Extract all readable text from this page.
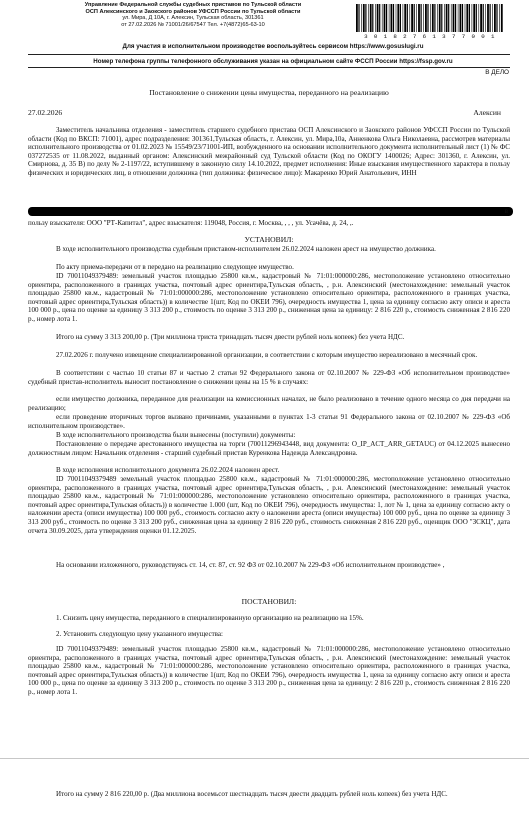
Управление Федеральной службы судебных приставов по Тульской области
ОСП Алексинского и Заокского районов УФССП России по Тульской области
ул. Мира, Д 10А, г. Алексин, Тульская область, 301361
от 27.02.2026 № 71001/26/67547 Тел. +7(4872)65-63-10
3 0 1 8 2 7 6 1 3 7 7 0 0 1
Для участия в исполнительном производстве воспользуйтесь сервисом https://www.gosuslugi.ru
Номер телефона группы телефонного обслуживания указан на официальном сайте ФССП России https://fssp.gov.ru
В ДЕЛО
Постановление о снижении цены имущества, переданного на реализацию
27.02.2026	Алексин
Заместитель начальника отделения - заместитель старшего судебного пристава ОСП Алексинского и Заокского районов УФССП России по Тульской области (Код по ВКСП: 71001), адрес подразделения: 301361,Тульская область, г. Алексин, ул. Мира,10а, Анненкова Ольга Николаевна, рассмотрев материалы исполнительного производства от 01.02.2023 № 15549/23/71001-ИП, возбужденного на основании исполнительного документа исполнительный лист (1) № ФС 037272535 от 11.08.2022, выданный органом: Алексинский межрайонный суд Тульской области (Код по ОКОГУ 1400026; Адрес: 301360, г. Алексин, ул. Смирнова, д. 35 В) по делу № 2-1197/22, вступившему в законную силу 14.10.2022, предмет исполнения: Иные взыскания имущественного характера в пользу физических и юридических лиц, в отношении должника (тип должника: физическое лицо): Макаренко Юрий Анатольевич, ИНН
в
пользу взыскателя: ООО "РТ-Капитал", адрес взыскателя: 119048, Россия, г. Москва, , , , ул. Усачёва, д. 24, ,.
УСТАНОВИЛ:
В ходе исполнительного производства судебным приставом-исполнителем 26.02.2024 наложен арест на имущество должника.
По акту приема-передачи от в передано на реализацию следующее имущество.
ID 70011049379489: земельный участок площадью 25800 кв.м., кадастровый № 71:01:000000:286, местоположение установлено относительно ориентира, расположенного в границах участка, почтовый адрес ориентира,Тульская область, , р.н. Алексинский (местонахождение: земельный участок площадью 25800 кв.м., кадастровый № 71:01:000000:286, местоположение установлено относительно ориентира, расположенного в границах участка, почтовый адрес ориентира,Тульская область)) в количестве 1(шт, Код по ОКЕИ 796), очередность имущества 1, цена за единицу согласно акту описи и ареста 100 000 р., цена по оценке за единицу 3 313 200 р., стоимость по оценке 3 313 200 р., сниженная цена за единицу: 2 816 220 р., стоимость сниженная 2 816 220 р., номер лота 1.
Итого на сумму 3 313 200,00 р. (Три миллиона триста тринадцать тысяч двести рублей ноль копеек) без учета НДС.
27.02.2026 г. получено извещение специализированной организации, в соответствии с которым имущество нереализовано в месячный срок.
В соответствии с частью 10 статьи 87 и частью 2 статьи 92 Федерального закона от 02.10.2007 № 229-ФЗ «Об исполнительном производстве» судебный пристав-исполнитель выносит постановление о снижении цены на 15 % в случаях:
если имущество должника, переданное для реализации на комиссионных началах, не было реализовано в течение одного месяца со дня передачи на реализацию;
если проведение вторичных торгов вызвано причинами, указанными в пунктах 1-3 статьи 91 Федерального закона от 02.10.2007 № 229-ФЗ «Об исполнительном производстве».
В ходе исполнительного производства были вынесены (поступили) документы:
Постановление о передаче арестованного имущества на торги (70011296943448, вид документа: O_IP_ACT_ARR_GETAUC) от 04.12.2025 вынесено должностным лицом: Начальник отделения - старший судебный пристав Куренкова Надежда Александровна.
В ходе исполнения исполнительного документа 26.02.2024 наложен арест.
ID 70011049379489 земельный участок площадью 25800 кв.м., кадастровый № 71:01:000000:286, местоположение установлено относительно ориентира, расположенного в границах участка, почтовый адрес ориентира,Тульская область, , р.н. Алексинский (местонахождение: земельный участок площадью 25800 кв.м., кадастровый № 71:01:000000:286, местоположение установлено относительно ориентира, расположенного в границах участка, почтовый адрес ориентира,Тульская область)) в количестве 1.000 (шт, Код по ОКЕИ 796), очередность имущества: 1, лот № 1, цена за единицу согласно акту о наложении ареста (описи имущества) 100 000 руб., стоимость согласно акту о наложении ареста (описи имущества) 100 000 руб., цена по оценке за единицу 3 313 200 руб., стоимость по оценке 3 313 200 руб., сниженная цена за единицу 2 816 220 руб., стоимость сниженная 2 816 220 руб., оценщик ООО "ЗСКЦ", дата отчета 30.09.2025, дата утверждения оценки 01.12.2025.
На основании изложенного, руководствуясь ст. 14, ст. 87, ст. 92 ФЗ от 02.10.2007 № 229-ФЗ «Об исполнительном производстве» ,
ПОСТАНОВИЛ:
1. Снизить цену имущества, переданного в специализированную организацию на реализацию на 15%.
2. Установить следующую цену указанного имущества:
ID 70011049379489: земельный участок площадью 25800 кв.м., кадастровый № 71:01:000000:286, местоположение установлено относительно ориентира, расположенного в границах участка, почтовый адрес ориентира,Тульская область, , р.н. Алексинский (местонахождение: земельный участок площадью 25800 кв.м., кадастровый № 71:01:000000:286, местоположение установлено относительно ориентира, расположенного в границах участка, почтовый адрес ориентира,Тульская область)) в количестве 1(шт, Код по ОКЕИ 796), очередность имущества 1, цена за единицу согласно акту описи и ареста 100 000 р., цена по оценке за единицу 3 313 200 р., стоимость по оценке 3 313 200 р., сниженная цена за единицу: 2 816 220 р., стоимость сниженная 2 816 220 р., номер лота 1.
Итого на сумму 2 816 220,00 р. (Два миллиона восемьсот шестнадцать тысяч двести двадцать рублей ноль копеек) без учета НДС.
